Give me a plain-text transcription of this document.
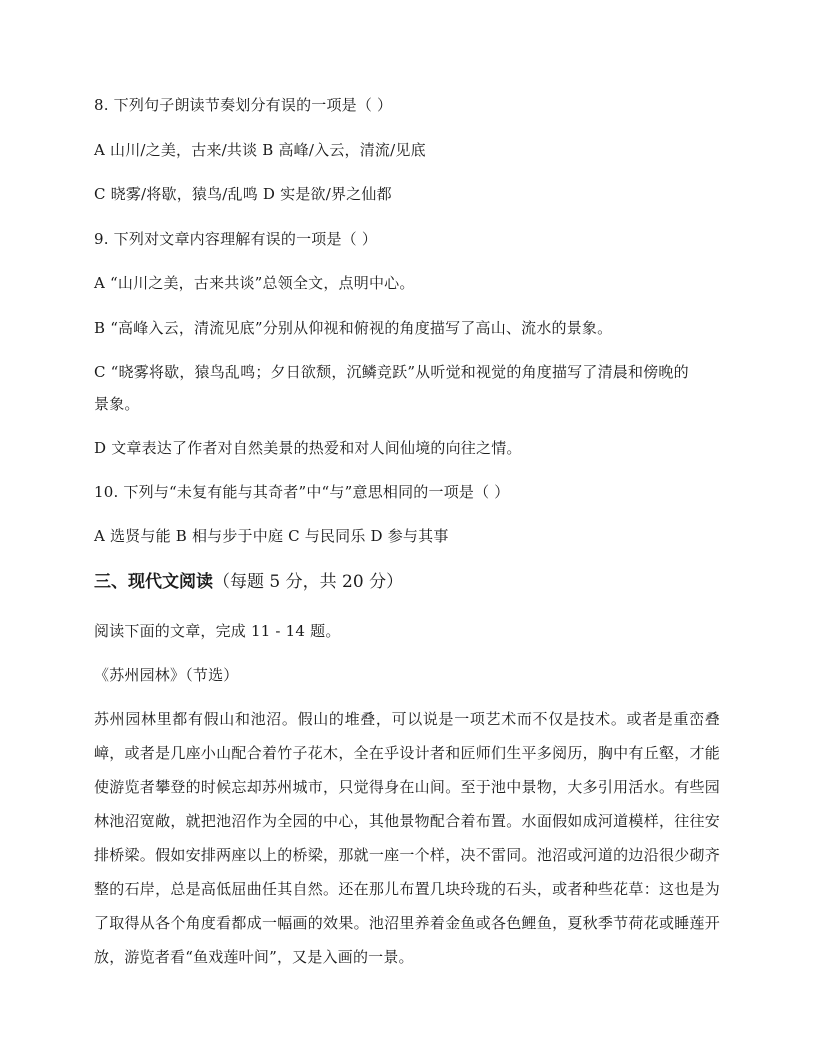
8. 下列句子朗读节奏划分有误的一项是（ ）
A 山川/之美，古来/共谈 B 高峰/入云，清流/见底
C 晓雾/将歇，猿鸟/乱鸣 D 实是欲/界之仙都
9. 下列对文章内容理解有误的一项是（ ）
A “山川之美，古来共谈”总领全文，点明中心。
B “高峰入云，清流见底”分别从仰视和俯视的角度描写了高山、流水的景象。
C “晓雾将歇，猿鸟乱鸣；夕日欲颓，沉鳞竞跃”从听觉和视觉的角度描写了清晨和傍晚的
景象。
D 文章表达了作者对自然美景的热爱和对人间仙境的向往之情。
10. 下列与“未复有能与其奇者”中“与”意思相同的一项是（ ）
A 选贤与能 B 相与步于中庭 C 与民同乐 D 参与其事
三、现代文阅读（每题 5 分，共 20 分）
阅读下面的文章，完成 11 - 14 题。
《苏州园林》（节选）
苏州园林里都有假山和池沼。假山的堆叠，可以说是一项艺术而不仅是技术。或者是重峦叠嶂，或者是几座小山配合着竹子花木，全在乎设计者和匠师们生平多阅历，胸中有丘壑，才能使游览者攀登的时候忘却苏州城市，只觉得身在山间。至于池中景物，大多引用活水。有些园林池沼宽敞，就把池沼作为全园的中心，其他景物配合着布置。水面假如成河道模样，往往安排桥梁。假如安排两座以上的桥梁，那就一座一个样，决不雷同。池沼或河道的边沿很少砌齐整的石岸，总是高低屈曲任其自然。还在那儿布置几块玲珑的石头，或者种些花草：这也是为了取得从各个角度看都成一幅画的效果。池沼里养着金鱼或各色鲤鱼，夏秋季节荷花或睡莲开放，游览者看“鱼戏莲叶间”，又是入画的一景。
